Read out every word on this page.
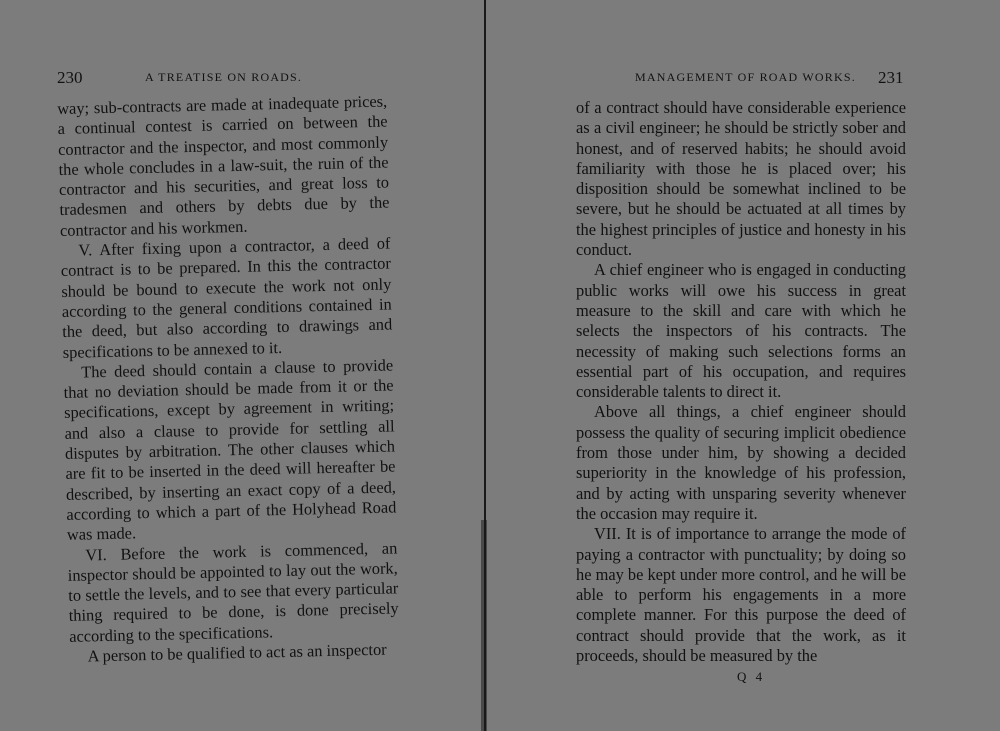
230	A TREATISE ON ROADS.

way; sub-contracts are made at inadequate prices, a continual contest is carried on between the contractor and the inspector, and most commonly the whole concludes in a law-suit, the ruin of the contractor and his securities, and great loss to tradesmen and others by debts due by the contractor and his workmen.

V. After fixing upon a contractor, a deed of contract is to be prepared. In this the contractor should be bound to execute the work not only according to the general conditions contained in the deed, but also according to drawings and specifications to be annexed to it.

The deed should contain a clause to provide that no deviation should be made from it or the specifications, except by agreement in writing; and also a clause to provide for settling all disputes by arbitration. The other clauses which are fit to be inserted in the deed will hereafter be described, by inserting an exact copy of a deed, according to which a part of the Holyhead Road was made.

VI. Before the work is commenced, an inspector should be appointed to lay out the work, to settle the levels, and to see that every particular thing required to be done, is done precisely according to the specifications.

A person to be qualified to act as an inspector

MANAGEMENT OF ROAD WORKS. 231

of a contract should have considerable experience as a civil engineer; he should be strictly sober and honest, and of reserved habits; he should avoid familiarity with those he is placed over; his disposition should be somewhat inclined to be severe, but he should be actuated at all times by the highest principles of justice and honesty in his conduct.

A chief engineer who is engaged in conducting public works will owe his success in great measure to the skill and care with which he selects the inspectors of his contracts. The necessity of making such selections forms an essential part of his occupation, and requires considerable talents to direct it.

Above all things, a chief engineer should possess the quality of securing implicit obedience from those under him, by showing a decided superiority in the knowledge of his profession, and by acting with unsparing severity whenever the occasion may require it.

VII. It is of importance to arrange the mode of paying a contractor with punctuality; by doing so he may be kept under more control, and he will be able to perform his engagements in a more complete manner. For this purpose the deed of contract should provide that the work, as it proceeds, should be measured by the

Q 4
